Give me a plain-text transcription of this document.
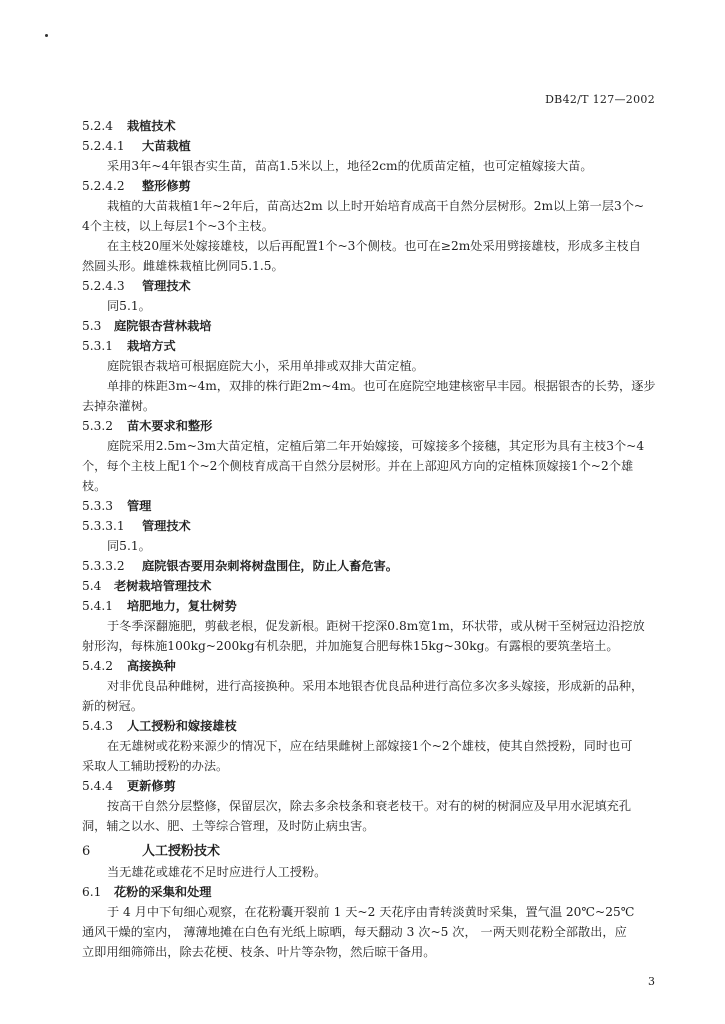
DB42/T 127—2002
5.2.4 栽植技术
5.2.4.1 大苗栽植
采用3年~4年银杏实生苗，苗高1.5米以上，地径2cm的优质苗定植，也可定植嫁接大苗。
5.2.4.2 整形修剪
栽植的大苗栽植1年~2年后，苗高达2m 以上时开始培育成高干自然分层树形。2m以上第一层3个~
4个主枝，以上每层1个~3个主枝。
在主枝20厘米处嫁接雄枝，以后再配置1个~3个侧枝。也可在≥2m处采用劈接雄枝，形成多主枝自
然圆头形。雌雄株栽植比例同5.1.5。
5.2.4.3 管理技术
同5.1。
5.3 庭院银杏营林栽培
5.3.1 栽培方式
庭院银杏栽培可根据庭院大小，采用单排或双排大苗定植。
单排的株距3m~4m，双排的株行距2m~4m。也可在庭院空地建核密早丰园。根据银杏的长势，逐步
去掉杂灌树。
5.3.2 苗木要求和整形
庭院采用2.5m~3m大苗定植，定植后第二年开始嫁接，可嫁接多个接穗，其定形为具有主枝3个~4
个，每个主枝上配1个~2个侧枝育成高干自然分层树形。并在上部迎风方向的定植株顶嫁接1个~2个雄
枝。
5.3.3 管理
5.3.3.1 管理技术
同5.1。
5.3.3.2 庭院银杏要用杂刺将树盘围住，防止人畜危害。
5.4 老树栽培管理技术
5.4.1 培肥地力，复壮树势
于冬季深翻施肥，剪截老根，促发新根。距树干挖深0.8m宽1m，环状带，或从树干至树冠边沿挖放
射形沟，每株施100kg~200kg有机杂肥，并加施复合肥每株15kg~30kg。有露根的要筑垄培土。
5.4.2 高接换种
对非优良品种雌树，进行高接换种。采用本地银杏优良品种进行高位多次多头嫁接，形成新的品种，
新的树冠。
5.4.3 人工授粉和嫁接雄枝
在无雄树或花粉来源少的情况下，应在结果雌树上部嫁接1个~2个雄枝，使其自然授粉，同时也可
采取人工辅助授粉的办法。
5.4.4 更新修剪
按高干自然分层整修，保留层次，除去多余枝条和衰老枝干。对有的树的树洞应及早用水泥填充孔
洞，辅之以水、肥、土等综合管理，及时防止病虫害。
6	人工授粉技术
当无雄花或雄花不足时应进行人工授粉。
6.1 花粉的采集和处理
于 4 月中下旬细心观察，在花粉囊开裂前 1 天~2 天花序由青转淡黄时采集，置气温 20℃~25℃
通风干燥的室内， 薄薄地摊在白色有光纸上晾晒，每天翻动 3 次~5 次， 一两天则花粉全部散出，应
立即用细筛筛出，除去花梗、枝条、叶片等杂物，然后晾干备用。
3
